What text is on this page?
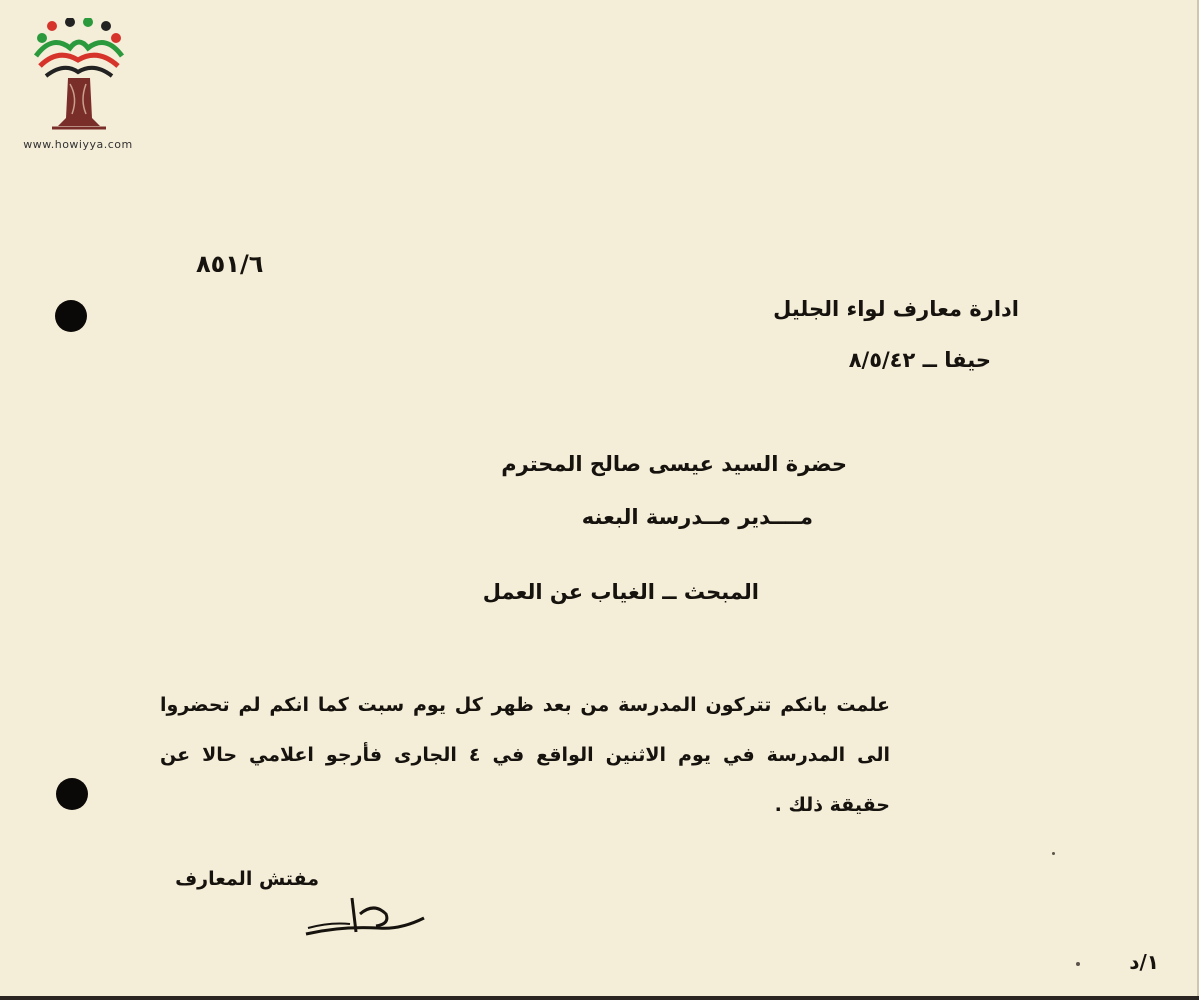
www.howiyya.com
٨٥١/٦
ادارة معارف لواء الجليل
حيفا ــ ٨/٥/٤٢
حضرة السيد عيسى صالح المحترم
مــــدير مــدرسة البعنه
المبحث ــ الغياب عن العمل
علمت بانكم تتركون المدرسة من بعد ظهر كل يوم سبت كما انكم لم تحضروا الى المدرسة في يوم الاثنين الواقع في ٤ الجارى فأرجو اعلامي حالا عن حقيقة ذلك .
مفتش المعارف
١/د
